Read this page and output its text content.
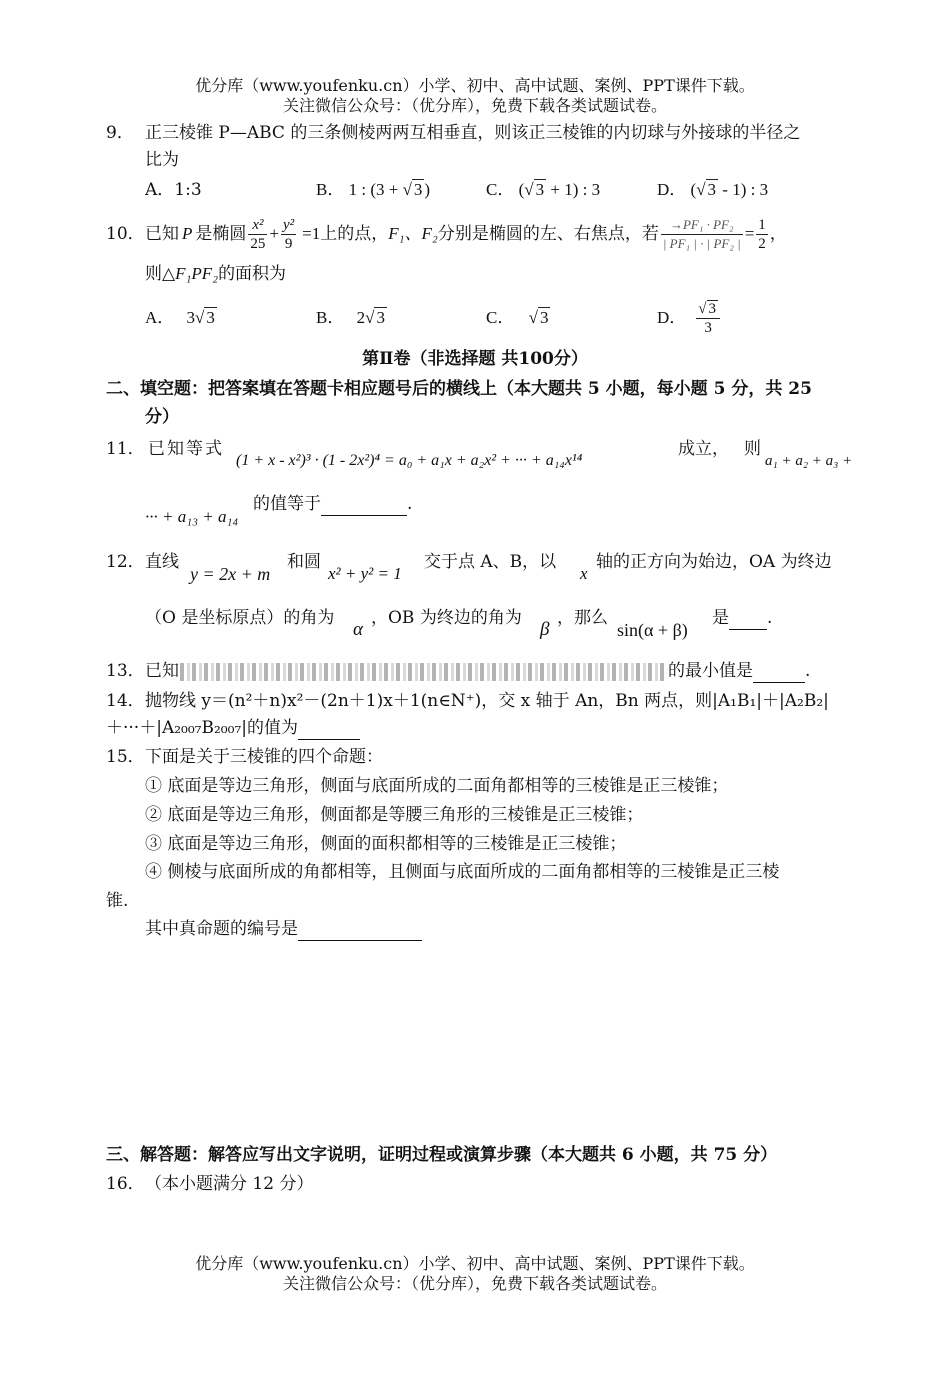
优分库（www.youfenku.cn）小学、初中、高中试题、案例、PPT课件下载。
关注微信公众号：（优分库），免费下载各类试题试卷。
9． 正三棱锥 P—ABC 的三条侧棱两两互相垂直，则该正三棱锥的内切球与外接球的半径之
比为
A．1:3	B． 1 : (3 + √ 3 )	C． (√ 3 + 1) : 3	D． (√ 3 - 1) : 3
10． 已知 P 是椭圆 $\frac{\text{x²}}{25} + \frac{\text{y²}}{9} =1$ 上的点， F₁、F₂ 分别是椭圆的左、右焦点，若 $\frac{\text{→PF₁ · PF₂}}{\text{| PF₁ | · | PF₂ |}} = \frac{1}{2}$ ，
则△F₁PF₂的面积为
A． 3√ 3	B． 2√ 3	C． √ 3	D． $\frac{√ 3}{3}$
第Ⅱ卷（非选择题 共100分）
二、填空题：把答案填在答题卡相应题号后的横线上（本大题共 5 小题，每小题 5 分，共 25
分）
11． 已知等式
(1 + x - x²)³ · (1 - 2x²)⁴ = a₀ + a₁x + a₂x² + ··· + a₁₄x¹⁴
成立， 则
a₁ + a₂ + a₃ +
··· + a₁₃ + a₁₄
的值等于	.
12． 直线
y = 2x + m
和圆
x² + y² = 1
交于点 A、B，以
x
轴的正方向为始边，OA 为终边
（O 是坐标原点）的角为
α
，OB 为终边的角为
β
，那么
sin(α + β)
是 .
13． 已知	的最小值是	.
14． 抛物线 y＝(n²＋n)x²－(2n＋1)x＋1(n∈N⁺)，交 x 轴于 An，Bn 两点，则|A₁B₁|＋|A₂B₂|
＋···＋|A₂₀₀₇B₂₀₀₇|的值为
15． 下面是关于三棱锥的四个命题：
① 底面是等边三角形，侧面与底面所成的二面角都相等的三棱锥是正三棱锥；
② 底面是等边三角形，侧面都是等腰三角形的三棱锥是正三棱锥；
③ 底面是等边三角形，侧面的面积都相等的三棱锥是正三棱锥；
④ 侧棱与底面所成的角都相等，且侧面与底面所成的二面角都相等的三棱锥是正三棱
锥.
其中真命题的编号是
三、解答题：解答应写出文字说明，证明过程或演算步骤（本大题共 6 小题，共 75 分）
16． （本小题满分 12 分）
优分库（www.youfenku.cn）小学、初中、高中试题、案例、PPT课件下载。
关注微信公众号：（优分库），免费下载各类试题试卷。
